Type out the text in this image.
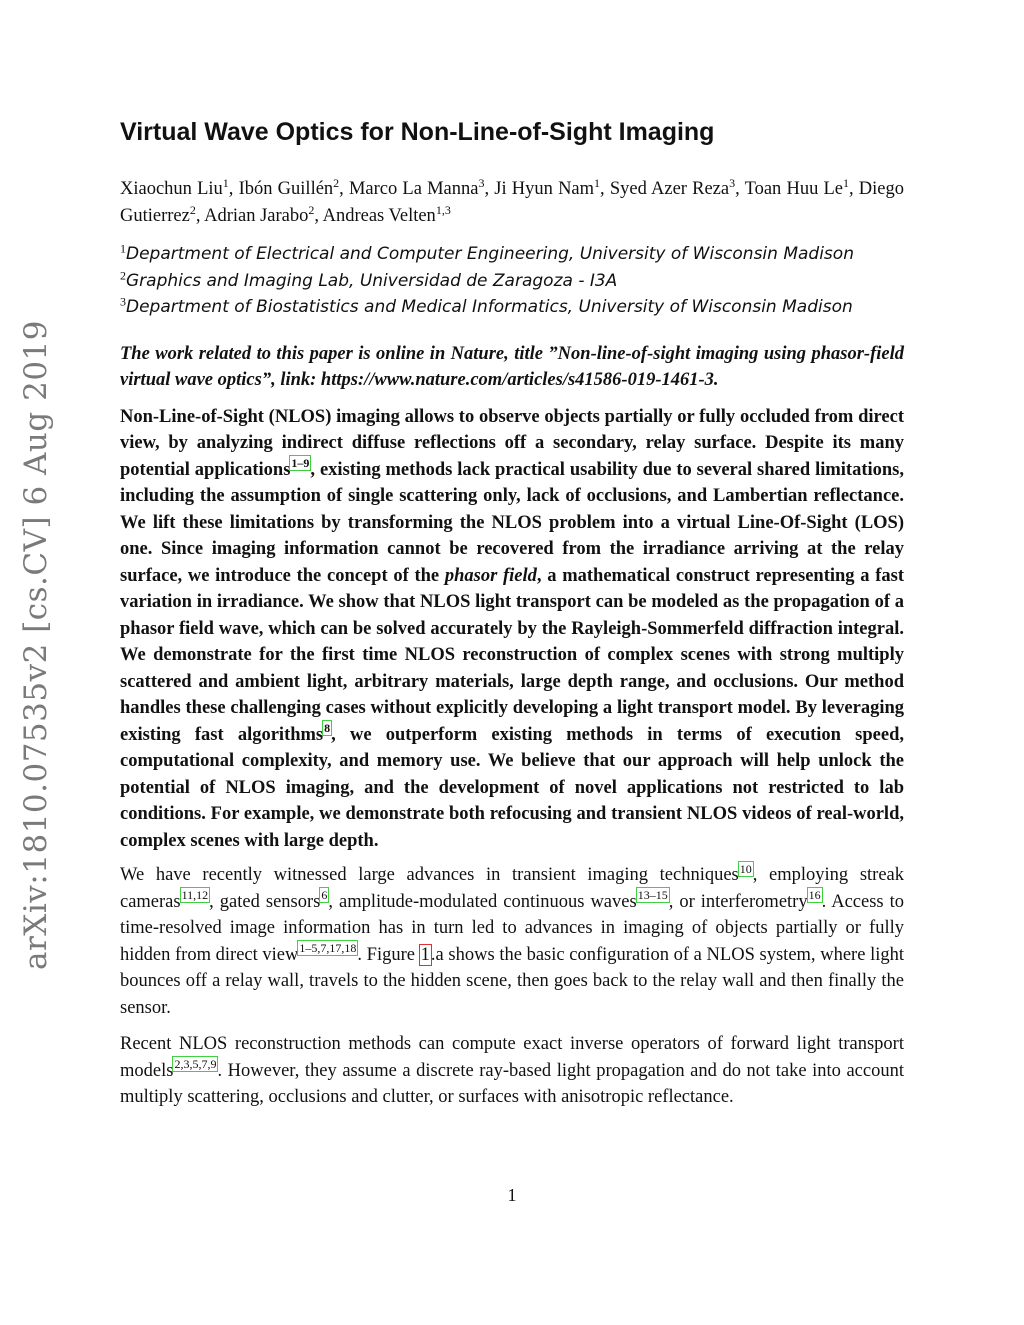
arXiv:1810.07535v2 [cs.CV] 6 Aug 2019
Virtual Wave Optics for Non-Line-of-Sight Imaging
Xiaochun Liu$^1$, Ibón Guillén$^2$, Marco La Manna$^3$, Ji Hyun Nam$^1$, Syed Azer Reza$^3$, Toan Huu Le$^1$, Diego Gutierrez$^2$, Adrian Jarabo$^2$, Andreas Velten$^{1,3}$
$^1$Department of Electrical and Computer Engineering, University of Wisconsin Madison
$^2$Graphics and Imaging Lab, Universidad de Zaragoza - I3A
$^3$Department of Biostatistics and Medical Informatics, University of Wisconsin Madison

The work related to this paper is online in Nature, title ”Non-line-of-sight imaging using phasor-field virtual wave optics”, link: https://www.nature.com/articles/s41586-019-1461-3.

Non-Line-of-Sight (NLOS) imaging allows to observe objects partially or fully occluded from direct view, by analyzing indirect diffuse reflections off a secondary, relay surface. Despite its many potential applications$^{1-9}$, existing methods lack practical usability due to several shared limitations, including the assumption of single scattering only, lack of occlusions, and Lambertian reflectance. We lift these limitations by transforming the NLOS problem into a virtual Line-Of-Sight (LOS) one. Since imaging information cannot be recovered from the irradiance arriving at the relay surface, we introduce the concept of the phasor field, a mathematical construct representing a fast variation in irradiance. We show that NLOS light transport can be modeled as the propagation of a phasor field wave, which can be solved accurately by the Rayleigh-Sommerfeld diffraction integral. We demonstrate for the first time NLOS reconstruction of complex scenes with strong multiply scattered and ambient light, arbitrary materials, large depth range, and occlusions. Our method handles these challenging cases without explicitly developing a light transport model. By leveraging existing fast algorithms$^8$, we outperform existing methods in terms of execution speed, computational complexity, and memory use. We believe that our approach will help unlock the potential of NLOS imaging, and the development of novel applications not restricted to lab conditions. For example, we demonstrate both refocusing and transient NLOS videos of real-world, complex scenes with large depth.

We have recently witnessed large advances in transient imaging techniques$^{10}$, employing streak cameras$^{11,12}$, gated sensors$^6$, amplitude-modulated continuous waves$^{13-15}$, or interferometry$^{16}$. Access to time-resolved image information has in turn led to advances in imaging of objects partially or fully hidden from direct view$^{1-5,7,17,18}$. Figure 1.a shows the basic configuration of a NLOS system, where light bounces off a relay wall, travels to the hidden scene, then goes back to the relay wall and then finally the sensor.

Recent NLOS reconstruction methods can compute exact inverse operators of forward light transport models$^{2,3,5,7,9}$. However, they assume a discrete ray-based light propagation and do not take into account multiply scattering, occlusions and clutter, or surfaces with anisotropic reflectance.

1
